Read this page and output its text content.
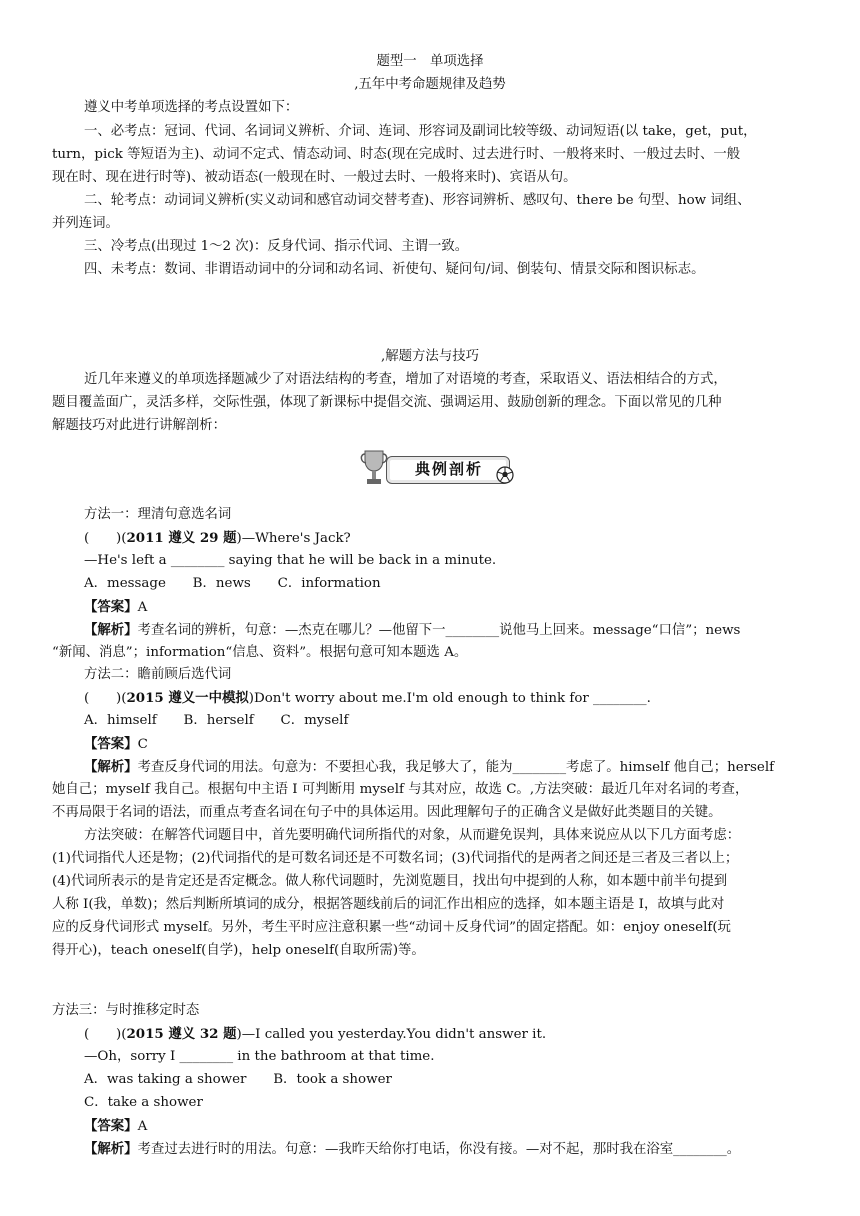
题型一　单项选择
,五年中考命题规律及趋势
遵义中考单项选择的考点设置如下：
一、必考点：冠词、代词、名词词义辨析、介词、连词、形容词及副词比较等级、动词短语(以 take，get，put，
turn，pick 等短语为主)、动词不定式、情态动词、时态(现在完成时、过去进行时、一般将来时、一般过去时、一般
现在时、现在进行时等)、被动语态(一般现在时、一般过去时、一般将来时)、宾语从句。
二、轮考点：动词词义辨析(实义动词和感官动词交替考查)、形容词辨析、感叹句、there be 句型、how 词组、
并列连词。
三、冷考点(出现过 1～2 次)：反身代词、指示代词、主谓一致。
四、未考点：数词、非谓语动词中的分词和动名词、祈使句、疑问句/词、倒装句、情景交际和图识标志。
,解题方法与技巧
近几年来遵义的单项选择题减少了对语法结构的考查，增加了对语境的考查，采取语义、语法相结合的方式，
题目覆盖面广，灵活多样，交际性强，体现了新课标中提倡交流、强调运用、鼓励创新的理念。下面以常见的几种
解题技巧对此进行讲解剖析：
典例剖析
方法一：理清句意选名词
(　　)(2011 遵义 29 题)—Where's Jack?
—He's left a ________ saying that he will be back in a minute.
A．message　　B．news　　C．information
【答案】A
【解析】考查名词的辨析，句意：—杰克在哪儿？—他留下一________说他马上回来。message“口信”；news
“新闻、消息”；information“信息、资料”。根据句意可知本题选 A。
方法二：瞻前顾后选代词
(　　)(2015 遵义一中模拟)Don't worry about me.I'm old enough to think for ________.
A．himself　　B．herself　　C．myself
【答案】C
【解析】考查反身代词的用法。句意为：不要担心我，我足够大了，能为________考虑了。himself 他自己；herself
她自己；myself 我自己。根据句中主语 I 可判断用 myself 与其对应，故选 C。,方法突破：最近几年对名词的考查，
不再局限于名词的语法，而重点考查名词在句子中的具体运用。因此理解句子的正确含义是做好此类题目的关键。
方法突破：在解答代词题目中，首先要明确代词所指代的对象，从而避免误判，具体来说应从以下几方面考虑：
(1)代词指代人还是物；(2)代词指代的是可数名词还是不可数名词；(3)代词指代的是两者之间还是三者及三者以上；
(4)代词所表示的是肯定还是否定概念。做人称代词题时，先浏览题目，找出句中提到的人称，如本题中前半句提到
人称 I(我，单数)；然后判断所填词的成分，根据答题线前后的词汇作出相应的选择，如本题主语是 I，故填与此对
应的反身代词形式 myself。另外，考生平时应注意积累一些“动词＋反身代词”的固定搭配。如：enjoy oneself(玩
得开心)，teach oneself(自学)，help oneself(自取所需)等。
方法三：与时推移定时态
(　　)(2015 遵义 32 题)—I called you yesterday.You didn't answer it.
—Oh，sorry I ________ in the bathroom at that time.
A．was taking a shower　　B．took a shower
C．take a shower
【答案】A
【解析】考查过去进行时的用法。句意：—我昨天给你打电话，你没有接。—对不起，那时我在浴室________。
